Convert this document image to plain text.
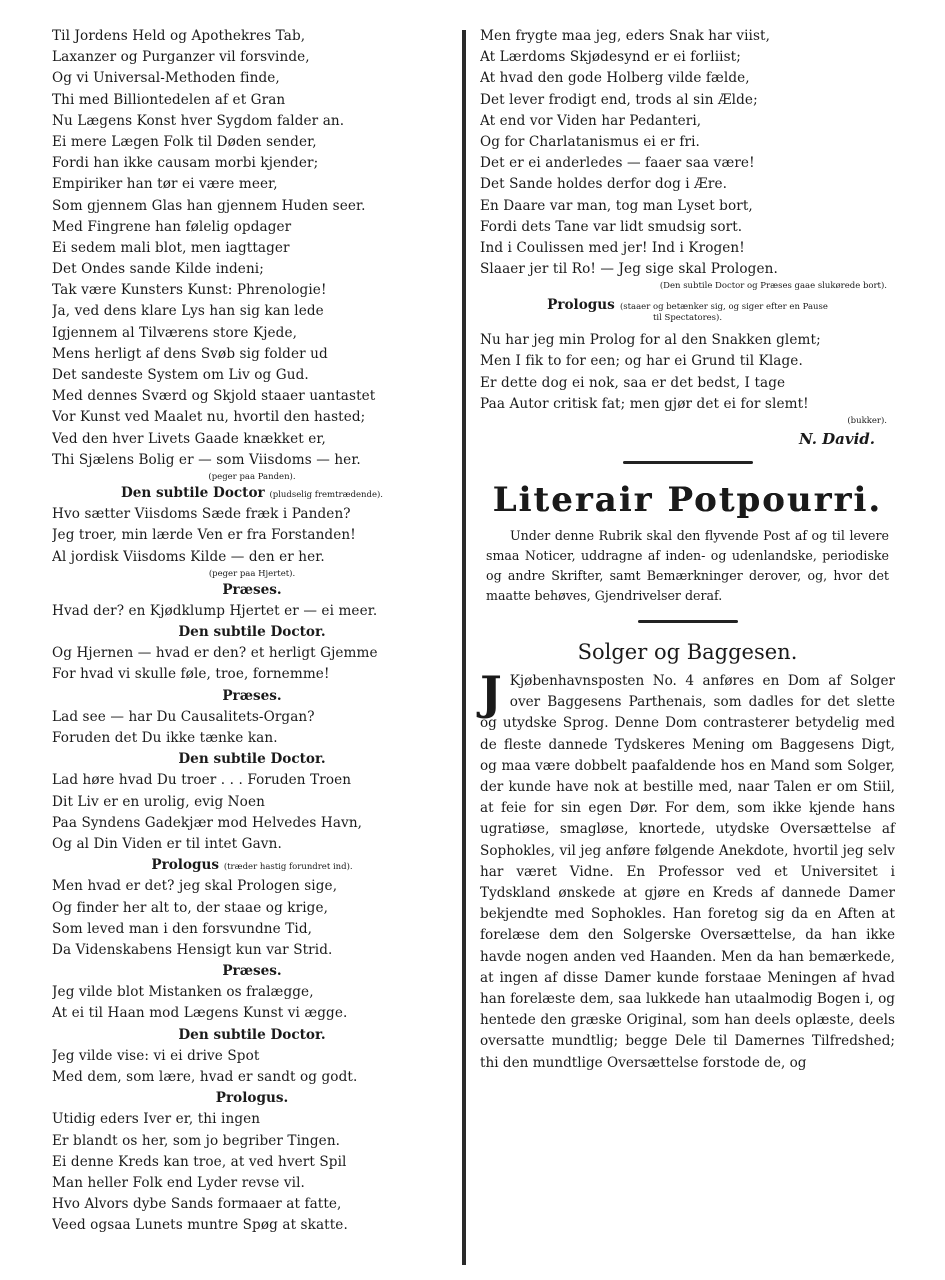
Til Jordens Held og Apothekres Tab,
Laxanzer og Purganzer vil forsvinde,
Og vi Universal-Methoden finde,
Thi med Billiontedelen af et Gran
Nu Lægens Konst hver Sygdom falder an.
Ei mere Lægen Folk til Døden sender,
Fordi han ikke causam morbi kjender;
Empiriker han tør ei være meer,
Som gjennem Glas han gjennem Huden seer.
Med Fingrene han følelig opdager
Ei sedem mali blot, men iagttager
Det Ondes sande Kilde indeni;
Tak være Kunsters Kunst: Phrenologie!
Ja, ved dens klare Lys han sig kan lede
Igjennem al Tilværens store Kjede,
Mens herligt af dens Svøb sig folder ud
Det sandeste System om Liv og Gud.
Med dennes Sværd og Skjold staaer uantastet
Vor Kunst ved Maalet nu, hvortil den hasted;
Ved den hver Livets Gaade knækket er,
Thi Sjælens Bolig er — som Viisdoms — her.
(peger paa Panden).
Den subtile Doctor (pludselig fremtrædende).
Hvo sætter Viisdoms Sæde fræk i Panden?
Jeg troer, min lærde Ven er fra Forstanden!
Al jordisk Viisdoms Kilde — den er her.
(peger paa Hjertet).
Præses.
Hvad der? en Kjødklump Hjertet er — ei meer.
Den subtile Doctor.
Og Hjernen — hvad er den? et herligt Gjemme
For hvad vi skulle føle, troe, fornemme!
Præses.
Lad see — har Du Causalitets-Organ?
Foruden det Du ikke tænke kan.
Den subtile Doctor.
Lad høre hvad Du troer . . . Foruden Troen
Dit Liv er en urolig, evig Noen
Paa Syndens Gadekjær mod Helvedes Havn,
Og al Din Viden er til intet Gavn.
Prologus (træder hastig forundret ind).
Men hvad er det? jeg skal Prologen sige,
Og finder her alt to, der staae og krige,
Som leved man i den forsvundne Tid,
Da Videnskabens Hensigt kun var Strid.
Præses.
Jeg vilde blot Mistanken os fralægge,
At ei til Haan mod Lægens Kunst vi ægge.
Den subtile Doctor.
Jeg vilde vise: vi ei drive Spot
Med dem, som lære, hvad er sandt og godt.
Prologus.
Utidig eders Iver er, thi ingen
Er blandt os her, som jo begriber Tingen.
Ei denne Kreds kan troe, at ved hvert Spil
Man heller Folk end Lyder revse vil.
Hvo Alvors dybe Sands formaaer at fatte,
Veed ogsaa Lunets muntre Spøg at skatte.
Men frygte maa jeg, eders Snak har viist,
At Lærdoms Skjødesynd er ei forliist;
At hvad den gode Holberg vilde fælde,
Det lever frodigt end, trods al sin Ælde;
At end vor Viden har Pedanteri,
Og for Charlatanismus ei er fri.
Det er ei anderledes — faaer saa være!
Det Sande holdes derfor dog i Ære.
En Daare var man, tog man Lyset bort,
Fordi dets Tane var lidt smudsig sort.
Ind i Coulissen med jer! Ind i Krogen!
Slaaer jer til Ro! — Jeg sige skal Prologen.
(Den subtile Doctor og Præses gaae slukørede bort).
Prologus (staaer og betænker sig, og siger efter en Pause
til Spectatores).
Nu har jeg min Prolog for al den Snakken glemt;
Men I fik to for een; og har ei Grund til Klage.
Er dette dog ei nok, saa er det bedst, I tage
Paa Autor critisk fat; men gjør det ei for slemt!
(bukker).
N. David.
Literair Potpourri.
Under denne Rubrik skal den flyvende Post af og til levere smaa Noticer, uddragne af inden- og udenlandske, periodiske og andre Skrifter, samt Bemærkninger derover, og, hvor det maatte behøves, Gjendrivelser deraf.
Solger og Baggesen.
J Kjøbenhavnsposten No. 4 anføres en Dom af Solger over Baggesens Parthenais, som dadles for det slette og utydske Sprog. Denne Dom contrasterer betydelig med de fleste dannede Tydskeres Mening om Baggesens Digt, og maa være dobbelt paafaldende hos en Mand som Solger, der kunde have nok at bestille med, naar Talen er om Stiil, at feie for sin egen Dør. For dem, som ikke kjende hans ugratiøse, smagløse, knortede, utydske Oversættelse af Sophokles, vil jeg anføre følgende Anekdote, hvortil jeg selv har været Vidne. En Professor ved et Universitet i Tydskland ønskede at gjøre en Kreds af dannede Damer bekjendte med Sophokles. Han foretog sig da en Aften at forelæse dem den Solgerske Oversættelse, da han ikke havde nogen anden ved Haanden. Men da han bemærkede, at ingen af disse Damer kunde forstaae Meningen af hvad han forelæste dem, saa lukkede han utaalmodig Bogen i, og hentede den græske Original, som han deels oplæste, deels oversatte mundtlig; begge Dele til Damernes Tilfredshed; thi den mundtlige Oversættelse forstode de, og
